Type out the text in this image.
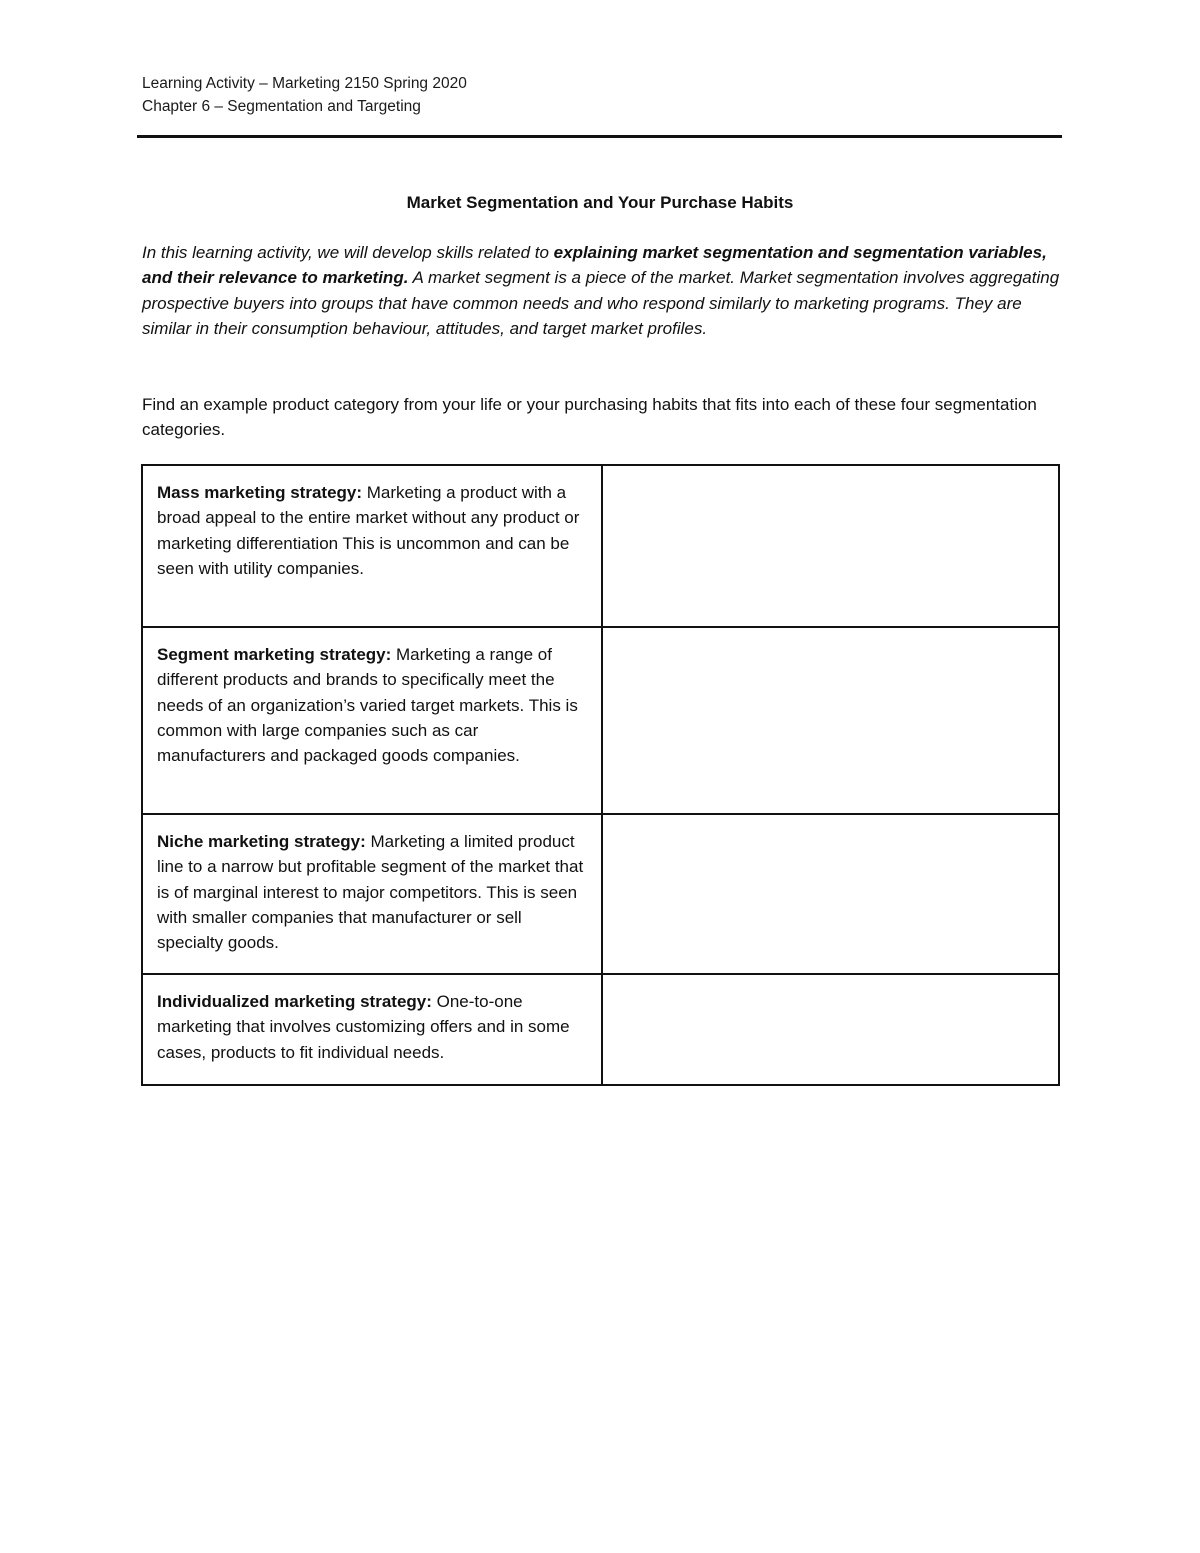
Learning Activity – Marketing 2150 Spring 2020
Chapter 6 – Segmentation and Targeting
Market Segmentation and Your Purchase Habits

In this learning activity, we will develop skills related to explaining market segmentation and segmentation variables, and their relevance to marketing. A market segment is a piece of the market. Market segmentation involves aggregating prospective buyers into groups that have common needs and who respond similarly to marketing programs. They are similar in their consumption behaviour, attitudes, and target market profiles.

Find an example product category from your life or your purchasing habits that fits into each of these four segmentation categories.

Mass marketing strategy: Marketing a product with a broad appeal to the entire market without any product or marketing differentiation This is uncommon and can be seen with utility companies.	
Segment marketing strategy: Marketing a range of different products and brands to specifically meet the needs of an organization’s varied target markets. This is common with large companies such as car manufacturers and packaged goods companies.	
Niche marketing strategy: Marketing a limited product line to a narrow but profitable segment of the market that is of marginal interest to major competitors. This is seen with smaller companies that manufacturer or sell specialty goods.	
Individualized marketing strategy: One-to-one marketing that involves customizing offers and in some cases, products to fit individual needs.	
